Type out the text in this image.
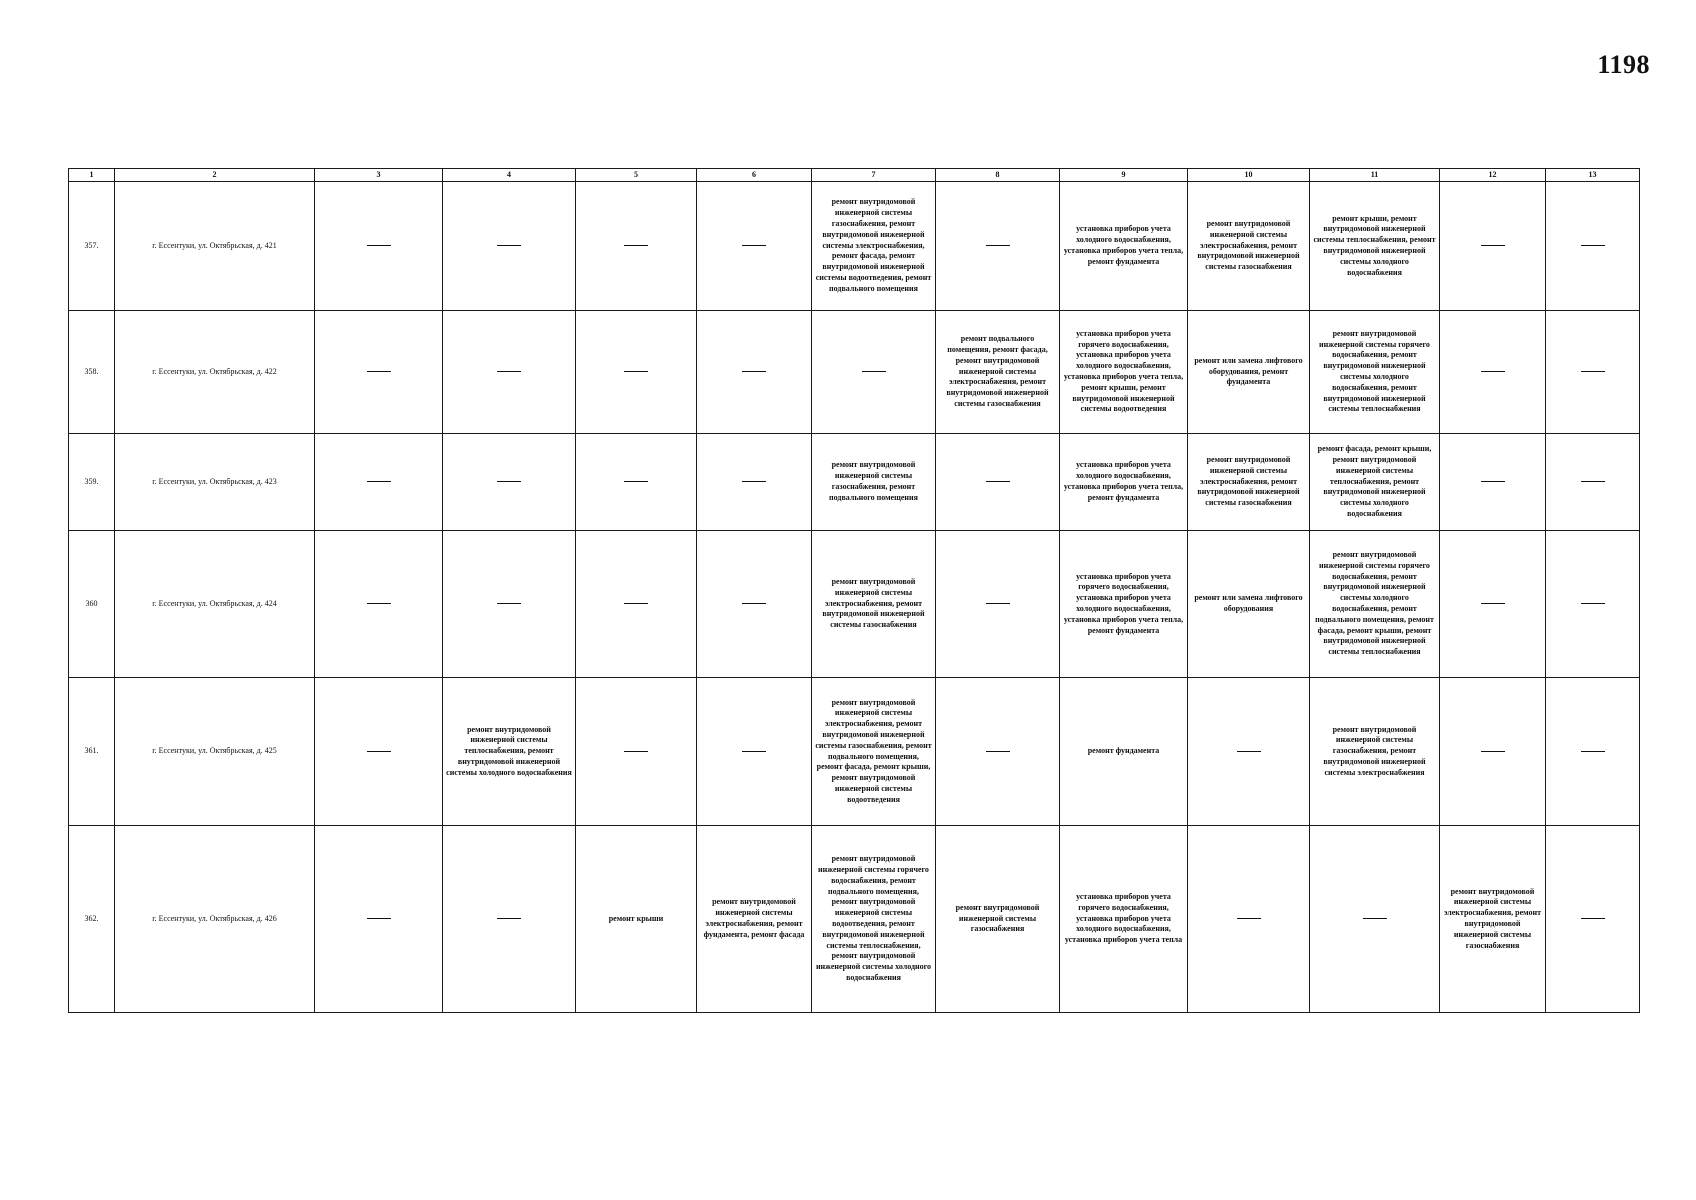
1198
1	2	3	4	5	6	7	8	9	10	11	12	13
357.	г. Ессентуки, ул. Октябрьская, д. 421					ремонт внутридомовой инженерной системы газоснабжения, ремонт внутридомовой инженерной системы электроснабжения, ремонт фасада, ремонт внутридомовой инженерной системы водоотведения, ремонт подвального помещения		установка приборов учета холодного водоснабжения, установка приборов учета тепла, ремонт фундамента	ремонт внутридомовой инженерной системы электроснабжения, ремонт внутридомовой инженерной системы газоснабжения	ремонт крыши, ремонт внутридомовой инженерной системы теплоснабжения, ремонт внутридомовой инженерной системы холодного водоснабжения		
358.	г. Ессентуки, ул. Октябрьская, д. 422						ремонт подвального помещения, ремонт фасада, ремонт внутридомовой инженерной системы электроснабжения, ремонт внутридомовой инженерной системы газоснабжения	установка приборов учета горячего водоснабжения, установка приборов учета холодного водоснабжения, установка приборов учета тепла, ремонт крыши, ремонт внутридомовой инженерной системы водоотведения	ремонт или замена лифтового оборудования, ремонт фундамента	ремонт внутридомовой инженерной системы горячего водоснабжения, ремонт внутридомовой инженерной системы холодного водоснабжения, ремонт внутридомовой инженерной системы теплоснабжения		
359.	г. Ессентуки, ул. Октябрьская, д. 423					ремонт внутридомовой инженерной системы газоснабжения, ремонт подвального помещения		установка приборов учета холодного водоснабжения, установка приборов учета тепла, ремонт фундамента	ремонт внутридомовой инженерной системы электроснабжения, ремонт внутридомовой инженерной системы газоснабжения	ремонт фасада, ремонт крыши, ремонт внутридомовой инженерной системы теплоснабжения, ремонт внутридомовой инженерной системы холодного водоснабжения		
360	г. Ессентуки, ул. Октябрьская, д. 424					ремонт внутридомовой инженерной системы электроснабжения, ремонт внутридомовой инженерной системы газоснабжения		установка приборов учета горячего водоснабжения, установка приборов учета холодного водоснабжения, установка приборов учета тепла, ремонт фундамента	ремонт или замена лифтового оборудования	ремонт внутридомовой инженерной системы горячего водоснабжения, ремонт внутридомовой инженерной системы холодного водоснабжения, ремонт подвального помещения, ремонт фасада, ремонт крыши, ремонт внутридомовой инженерной системы теплоснабжения		
361.	г. Ессентуки, ул. Октябрьская, д. 425		ремонт внутридомовой инженерной системы теплоснабжения, ремонт внутридомовой инженерной системы холодного водоснабжения			ремонт внутридомовой инженерной системы электроснабжения, ремонт внутридомовой инженерной системы газоснабжения, ремонт подвального помещения, ремонт фасада, ремонт крыши, ремонт внутридомовой инженерной системы водоотведения		ремонт фундамента		ремонт внутридомовой инженерной системы газоснабжения, ремонт внутридомовой инженерной системы электроснабжения		
362.	г. Ессентуки, ул. Октябрьская, д. 426			ремонт крыши	ремонт внутридомовой инженерной системы электроснабжения, ремонт фундамента, ремонт фасада	ремонт внутридомовой инженерной системы горячего водоснабжения, ремонт подвального помещения, ремонт внутридомовой инженерной системы водоотведения, ремонт внутридомовой инженерной системы теплоснабжения, ремонт внутридомовой инженерной системы холодного водоснабжения	ремонт внутридомовой инженерной системы газоснабжения	установка приборов учета горячего водоснабжения, установка приборов учета холодного водоснабжения, установка приборов учета тепла			ремонт внутридомовой инженерной системы электроснабжения, ремонт внутридомовой инженерной системы газоснабжения	
